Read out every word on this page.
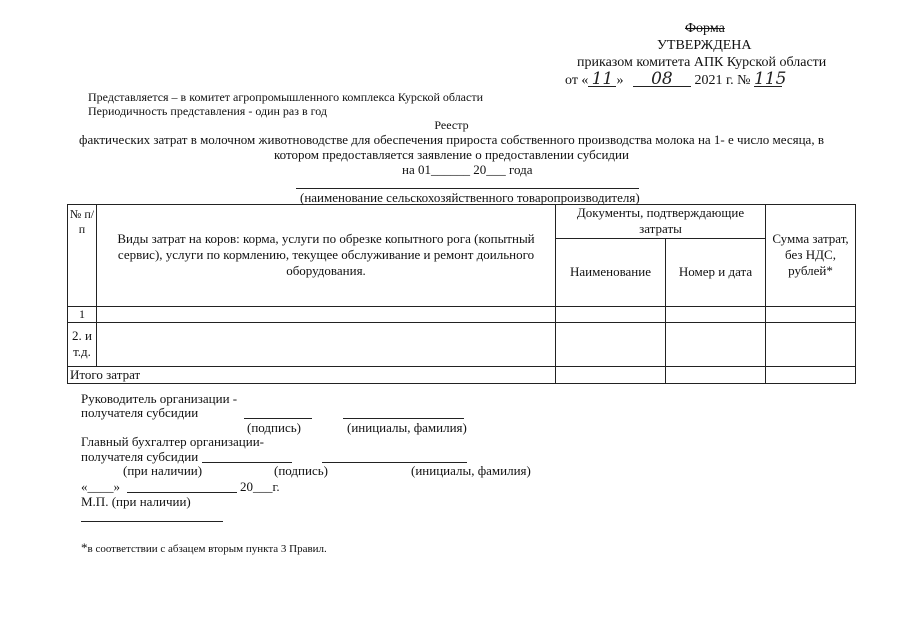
Форма
УТВЕРЖДЕНА
приказом комитета АПК Курской области
от « 11 » 08 2021 г. № 115
Представляется – в комитет агропромышленного комплекса Курской области
Периодичность представления - один раз в год
Реестр
фактических затрат в молочном животноводстве для обеспечения прироста собственного производства молока на 1- е число месяца, в
котором предоставляется заявление о предоставлении субсидии
на 01______ 20___ года
(наименование сельскохозяйственного товаропроизводителя)
№ п/п	Виды затрат на коров: корма, услуги по обрезке копытного рога (копытный сервис), услуги по кормлению, текущее обслуживание и ремонт доильного оборудования.	Документы, подтверждающие затраты		Сумма затрат, без НДС, рублей*
		Наименование	Номер и дата	
1				
2. и т.д.				
Итого затрат				
Руководитель организации -
получателя субсидии
(подпись)	(инициалы, фамилия)
Главный бухгалтер организации-
получателя субсидии
(при наличии)	(подпись)	(инициалы, фамилия)
«____»	20___г.
М.П. (при наличии)
*в соответствии с абзацем вторым пункта 3 Правил.
